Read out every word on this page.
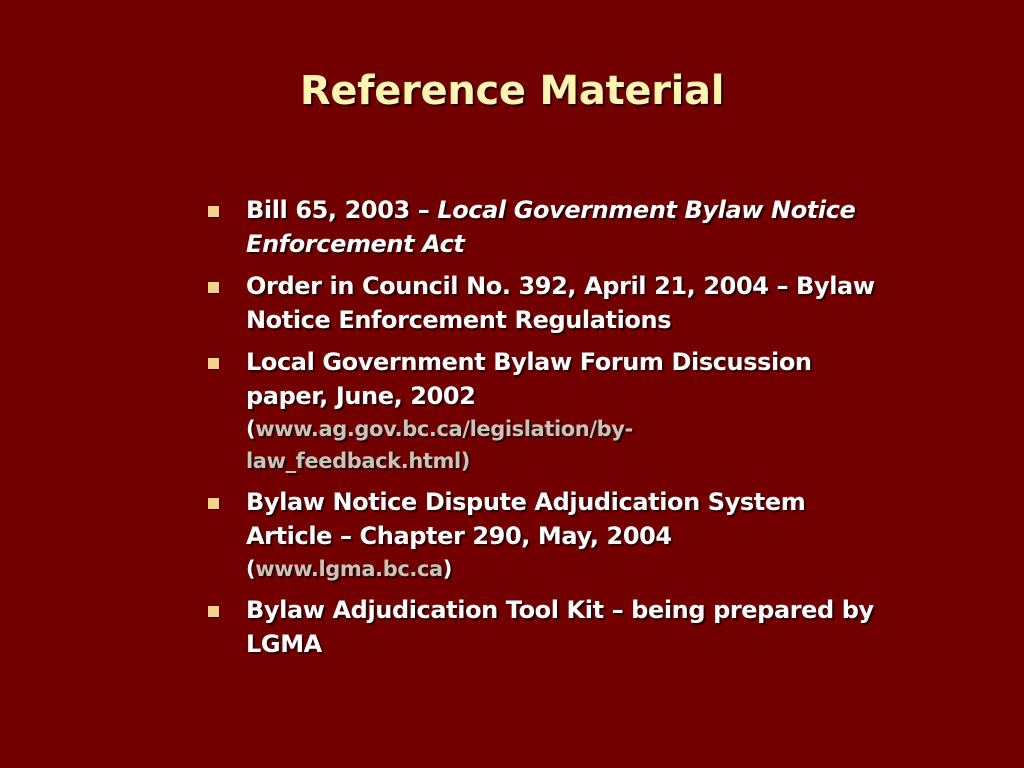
Reference Material
Bill 65, 2003 – Local Government Bylaw Notice
Enforcement Act
Order in Council No. 392, April 21, 2004 – Bylaw
Notice Enforcement Regulations
Local Government Bylaw Forum Discussion
paper, June, 2002
(www.ag.gov.bc.ca/legislation/by-
law_feedback.html)
Bylaw Notice Dispute Adjudication System
Article – Chapter 290, May, 2004
(www.lgma.bc.ca)
Bylaw Adjudication Tool Kit – being prepared by
LGMA
